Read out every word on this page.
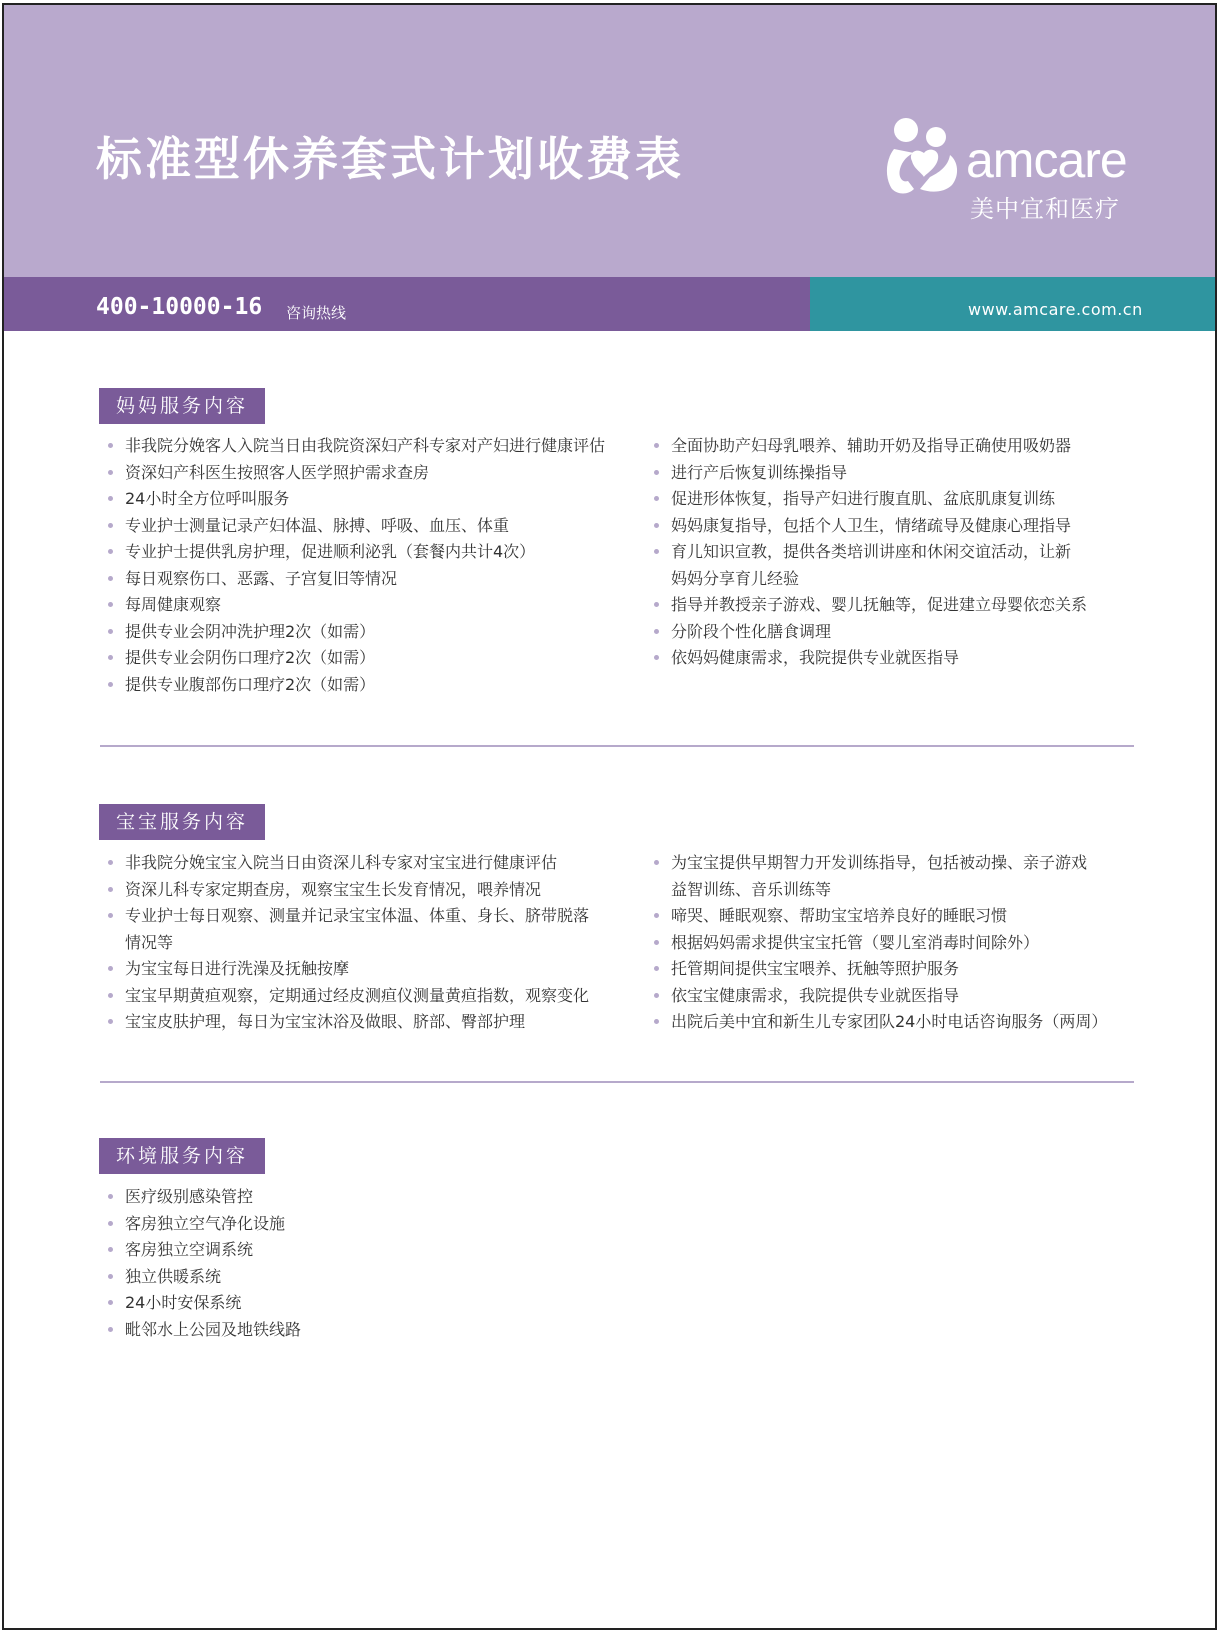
标准型休养套式计划收费表	amcare
美中宜和医疗
400-10000-16 咨询热线	www.amcare.com.cn
妈妈服务内容
非我院分娩客人入院当日由我院资深妇产科专家对产妇进行健康评估
资深妇产科医生按照客人医学照护需求查房
24小时全方位呼叫服务
专业护士测量记录产妇体温、脉搏、呼吸、血压、体重
专业护士提供乳房护理，促进顺利泌乳（套餐内共计4次）
每日观察伤口、恶露、子宫复旧等情况
每周健康观察
提供专业会阴冲洗护理2次（如需）
提供专业会阴伤口理疗2次（如需）
提供专业腹部伤口理疗2次（如需）
全面协助产妇母乳喂养、辅助开奶及指导正确使用吸奶器
进行产后恢复训练操指导
促进形体恢复，指导产妇进行腹直肌、盆底肌康复训练
妈妈康复指导，包括个人卫生，情绪疏导及健康心理指导
育儿知识宣教，提供各类培训讲座和休闲交谊活动，让新
妈妈分享育儿经验
指导并教授亲子游戏、婴儿抚触等，促进建立母婴依恋关系
分阶段个性化膳食调理
依妈妈健康需求，我院提供专业就医指导
宝宝服务内容
非我院分娩宝宝入院当日由资深儿科专家对宝宝进行健康评估
资深儿科专家定期查房，观察宝宝生长发育情况，喂养情况
专业护士每日观察、测量并记录宝宝体温、体重、身长、脐带脱落
情况等
为宝宝每日进行洗澡及抚触按摩
宝宝早期黄疸观察，定期通过经皮测疸仪测量黄疸指数，观察变化
宝宝皮肤护理，每日为宝宝沐浴及做眼、脐部、臀部护理
为宝宝提供早期智力开发训练指导，包括被动操、亲子游戏
益智训练、音乐训练等
啼哭、睡眠观察、帮助宝宝培养良好的睡眠习惯
根据妈妈需求提供宝宝托管（婴儿室消毒时间除外）
托管期间提供宝宝喂养、抚触等照护服务
依宝宝健康需求，我院提供专业就医指导
出院后美中宜和新生儿专家团队24小时电话咨询服务（两周）
环境服务内容
医疗级别感染管控
客房独立空气净化设施
客房独立空调系统
独立供暖系统
24小时安保系统
毗邻水上公园及地铁线路
